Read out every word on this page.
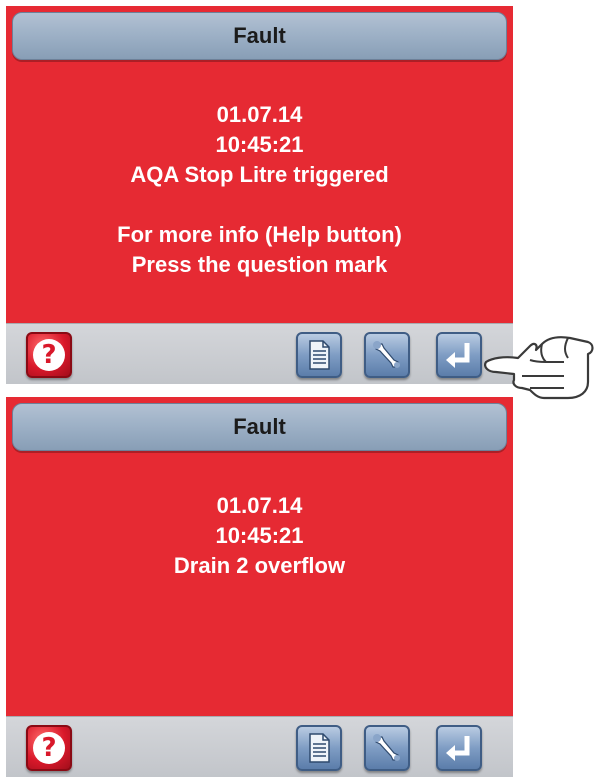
Fault
01.07.14
10:45:21
AQA Stop Litre triggered
For more info (Help button)
Press the question mark
?
Fault
01.07.14
10:45:21
Drain 2 overflow
?
